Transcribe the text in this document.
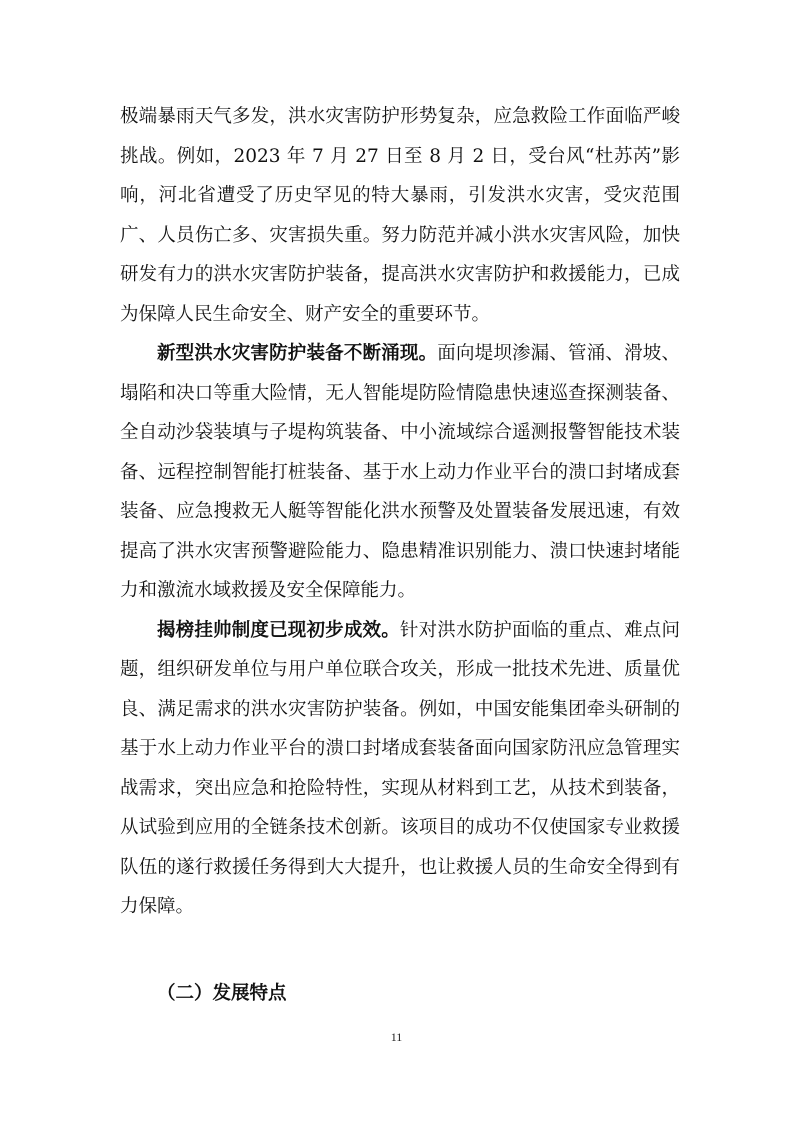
极端暴雨天气多发，洪水灾害防护形势复杂，应急救险工作面临严峻挑战。例如，2023 年 7 月 27 日至 8 月 2 日，受台风“杜苏芮”影响，河北省遭受了历史罕见的特大暴雨，引发洪水灾害，受灾范围广、人员伤亡多、灾害损失重。努力防范并减小洪水灾害风险，加快研发有力的洪水灾害防护装备，提高洪水灾害防护和救援能力，已成为保障人民生命安全、财产安全的重要环节。

新型洪水灾害防护装备不断涌现。面向堤坝渗漏、管涌、滑坡、塌陷和决口等重大险情，无人智能堤防险情隐患快速巡查探测装备、全自动沙袋装填与子堤构筑装备、中小流域综合遥测报警智能技术装备、远程控制智能打桩装备、基于水上动力作业平台的溃口封堵成套装备、应急搜救无人艇等智能化洪水预警及处置装备发展迅速，有效提高了洪水灾害预警避险能力、隐患精准识别能力、溃口快速封堵能力和激流水域救援及安全保障能力。

揭榜挂帅制度已现初步成效。针对洪水防护面临的重点、难点问题，组织研发单位与用户单位联合攻关，形成一批技术先进、质量优良、满足需求的洪水灾害防护装备。例如，中国安能集团牵头研制的基于水上动力作业平台的溃口封堵成套装备面向国家防汛应急管理实战需求，突出应急和抢险特性，实现从材料到工艺，从技术到装备，从试验到应用的全链条技术创新。该项目的成功不仅使国家专业救援队伍的遂行救援任务得到大大提升，也让救援人员的生命安全得到有力保障。

（二）发展特点
11
